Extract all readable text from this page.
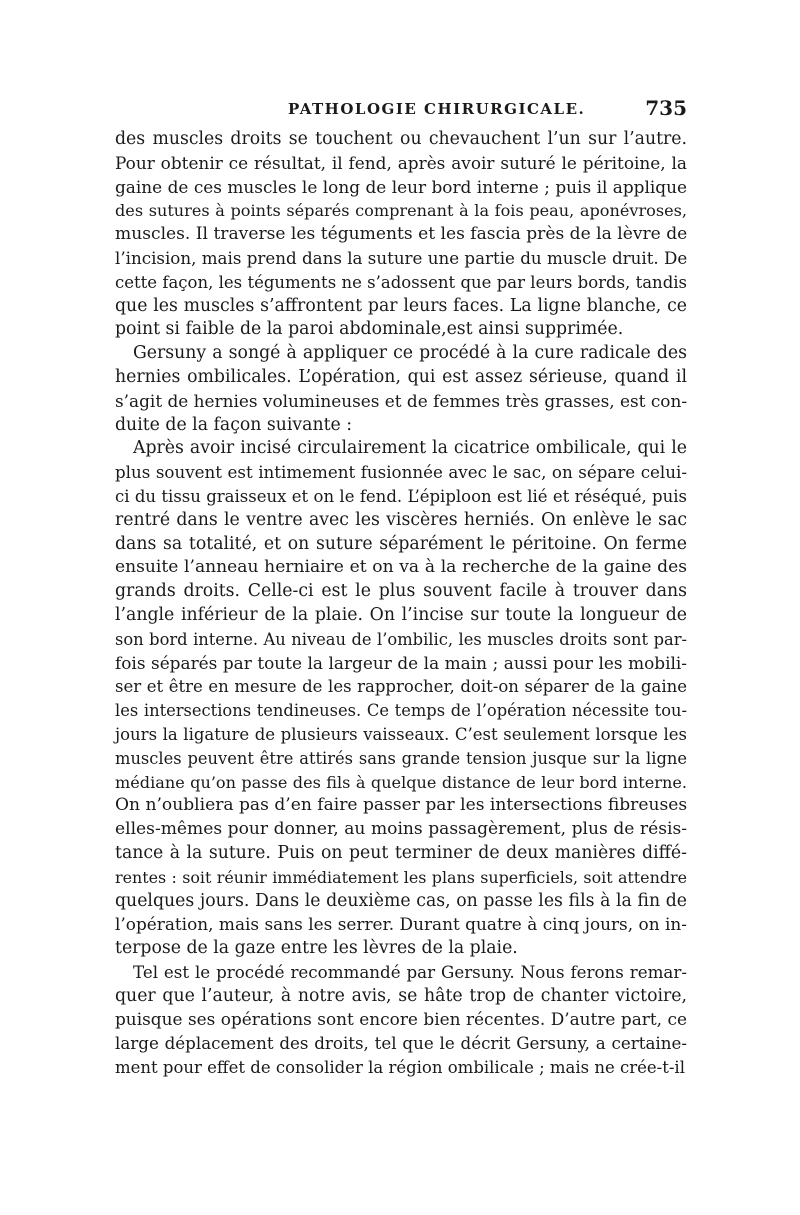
PATHOLOGIE CHIRURGICALE.	735
des muscles droits se touchent ou chevauchent l’un sur l’autre.
Pour obtenir ce résultat, il fend, après avoir suturé le péritoine, la
gaine de ces muscles le long de leur bord interne ; puis il applique
des sutures à points séparés comprenant à la fois peau, aponévroses,
muscles. Il traverse les téguments et les fascia près de la lèvre de
l’incision, mais prend dans la suture une partie du muscle druit. De
cette façon, les téguments ne s’adossent que par leurs bords, tandis
que les muscles s’affrontent par leurs faces. La ligne blanche, ce
point si faible de la paroi abdominale,est ainsi supprimée.
Gersuny a songé à appliquer ce procédé à la cure radicale des
hernies ombilicales. L’opération, qui est assez sérieuse, quand il
s’agit de hernies volumineuses et de femmes très grasses, est con-
duite de la façon suivante :
Après avoir incisé circulairement la cicatrice ombilicale, qui le
plus souvent est intimement fusionnée avec le sac, on sépare celui-
ci du tissu graisseux et on le fend. L’épiploon est lié et réséqué, puis
rentré dans le ventre avec les viscères herniés. On enlève le sac
dans sa totalité, et on suture séparément le péritoine. On ferme
ensuite l’anneau herniaire et on va à la recherche de la gaine des
grands droits. Celle-ci est le plus souvent facile à trouver dans
l’angle inférieur de la plaie. On l’incise sur toute la longueur de
son bord interne. Au niveau de l’ombilic, les muscles droits sont par-
fois séparés par toute la largeur de la main ; aussi pour les mobili-
ser et être en mesure de les rapprocher, doit-on séparer de la gaine
les intersections tendineuses. Ce temps de l’opération nécessite tou-
jours la ligature de plusieurs vaisseaux. C’est seulement lorsque les
muscles peuvent être attirés sans grande tension jusque sur la ligne
médiane qu’on passe des fils à quelque distance de leur bord interne.
On n’oubliera pas d’en faire passer par les intersections fibreuses
elles-mêmes pour donner, au moins passagèrement, plus de résis-
tance à la suture. Puis on peut terminer de deux manières diffé-
rentes : soit réunir immédiatement les plans superficiels, soit attendre
quelques jours. Dans le deuxième cas, on passe les fils à la fin de
l’opération, mais sans les serrer. Durant quatre à cinq jours, on in-
terpose de la gaze entre les lèvres de la plaie.
Tel est le procédé recommandé par Gersuny. Nous ferons remar-
quer que l’auteur, à notre avis, se hâte trop de chanter victoire,
puisque ses opérations sont encore bien récentes. D’autre part, ce
large déplacement des droits, tel que le décrit Gersuny, a certaine-
ment pour effet de consolider la région ombilicale ; mais ne crée-t-il
